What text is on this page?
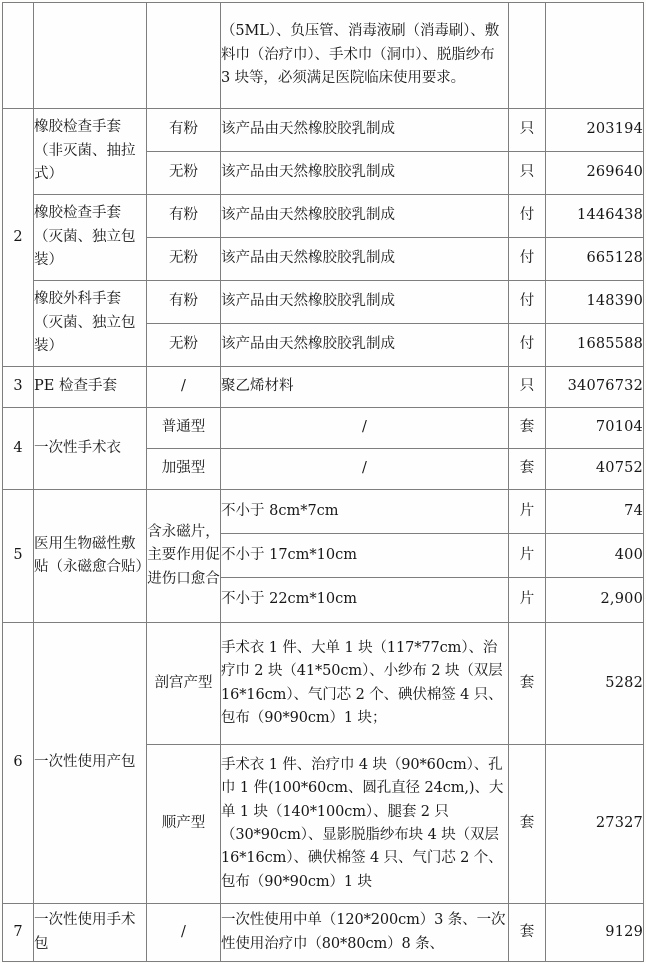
			（5ML）、负压管、消毒液刷（消毒刷）、敷料巾（治疗巾）、手术巾（洞巾）、脱脂纱布 3 块等，必须满足医院临床使用要求。		
2	橡胶检查手套（非灭菌、抽拉式）	有粉	该产品由天然橡胶胶乳制成	只	203194
		无粉	该产品由天然橡胶胶乳制成	只	269640
	橡胶检查手套（灭菌、独立包装）	有粉	该产品由天然橡胶胶乳制成	付	1446438
		无粉	该产品由天然橡胶胶乳制成	付	665128
	橡胶外科手套（灭菌、独立包装）	有粉	该产品由天然橡胶胶乳制成	付	148390
		无粉	该产品由天然橡胶胶乳制成	付	1685588
3	PE 检查手套	/	聚乙烯材料	只	34076732
4	一次性手术衣	普通型	/	套	70104
		加强型	/	套	40752
5	医用生物磁性敷贴（永磁愈合贴）	含永磁片，主要作用促进伤口愈合	不小于 8cm*7cm	片	74
			不小于 17cm*10cm	片	400
			不小于 22cm*10cm	片	2,900
6	一次性使用产包	剖宫产型	手术衣 1 件、大单 1 块（117*77cm）、治疗巾 2 块（41*50cm）、小纱布 2 块（双层 16*16cm）、气门芯 2 个、碘伏棉签 4 只、包布（90*90cm）1 块；	套	5282
		顺产型	手术衣 1 件、治疗巾 4 块（90*60cm）、孔巾 1 件(100*60cm、圆孔直径 24cm,)、大单 1 块（140*100cm）、腿套 2 只（30*90cm）、显影脱脂纱布块 4 块（双层 16*16cm）、碘伏棉签 4 只、气门芯 2 个、包布（90*90cm）1 块	套	27327
7	一次性使用手术包	/	一次性使用中单（120*200cm）3 条、一次性使用治疗巾（80*80cm）8 条、	套	9129
